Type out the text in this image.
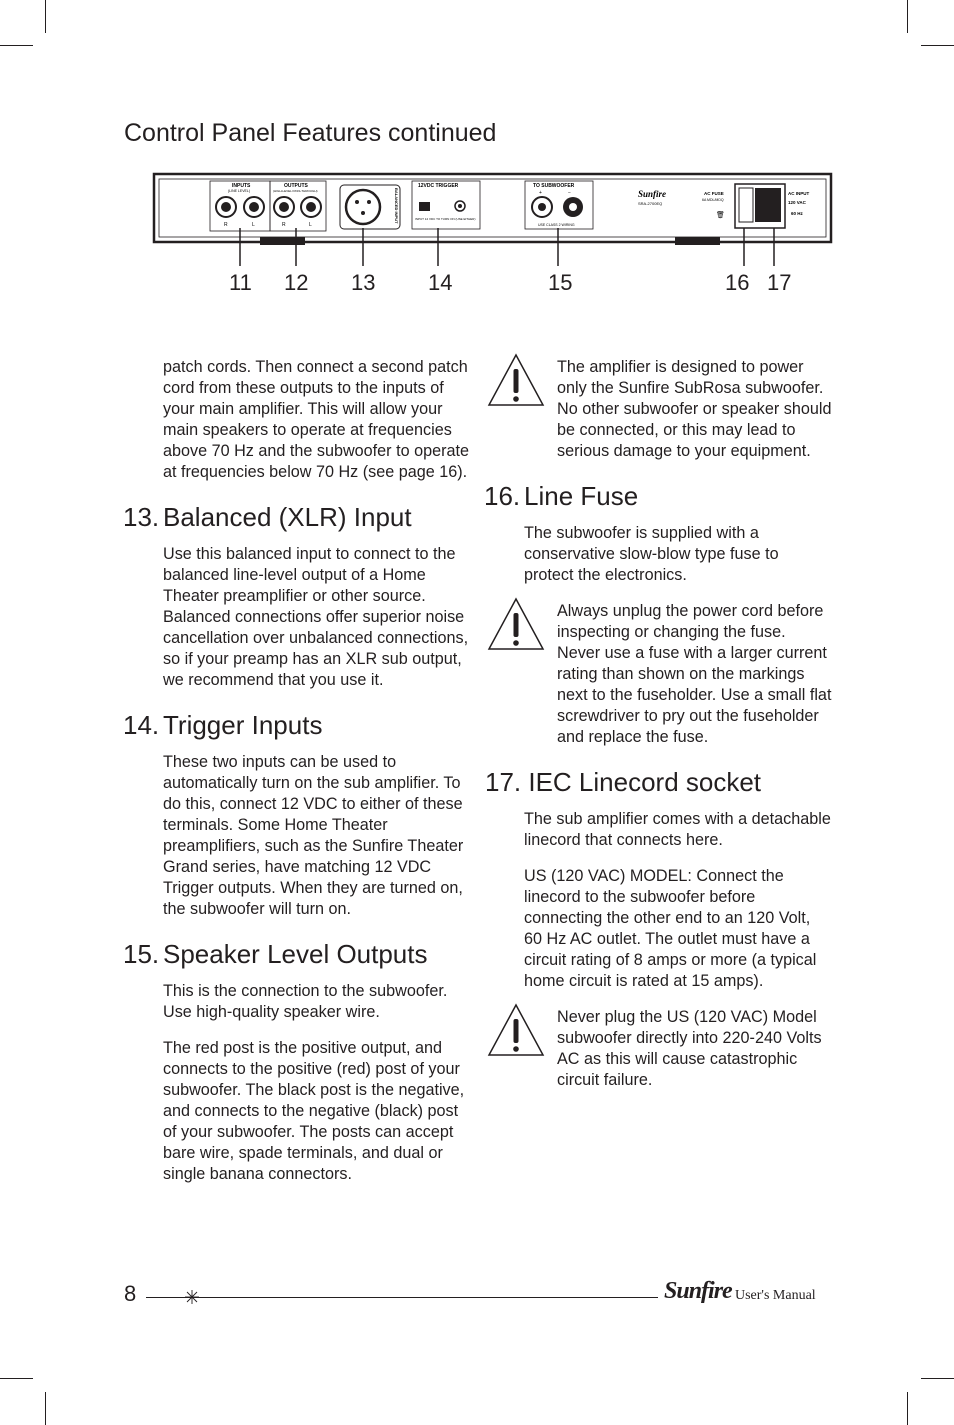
Control Panel Features continued
INPUTS
(LINE LEVEL)
R	L
OUTPUTS
(HIGH-LEVEL PASS-THROUGH)
R	L
BALANCED INPUT
12VDC TRIGGER
INPUT 12 VDC TO TURN ON (USE EITHER)
TO SUBWOOFER
+	−
USE CLASS 2 WIRING
Sunfire
SRA-2700EQ
AC FUSE
6A MDL/MDQ
🗑
AC INPUT
120 VAC
60 Hz
11 12 13 14	15	16 17

patch cords. Then connect a second patch cord from these outputs to the inputs of your main amplifier. This will allow your main speakers to operate at frequencies above 70 Hz and the subwoofer to operate at frequencies below 70 Hz (see page 16).

13. Balanced (XLR) Input

Use this balanced input to connect to the balanced line-level output of a Home Theater preamplifier or other source. Balanced connections offer superior noise cancellation over unbalanced connections, so if your preamp has an XLR sub output, we recommend that you use it.

14. Trigger Inputs

These two inputs can be used to automatically turn on the sub amplifier. To do this, connect 12 VDC to either of these terminals. Some Home Theater preamplifiers, such as the Sunfire Theater Grand series, have matching 12 VDC Trigger outputs. When they are turned on, the subwoofer will turn on.

15. Speaker Level Outputs

This is the connection to the subwoofer. Use high-quality speaker wire.

The red post is the positive output, and connects to the positive (red) post of your subwoofer. The black post is the negative, and connects to the negative (black) post of your subwoofer. The posts can accept bare wire, spade terminals, and dual or single banana connectors.

The amplifier is designed to power only the Sunfire SubRosa subwoofer. No other subwoofer or speaker should be connected, or this may lead to serious damage to your equipment.

16. Line Fuse

The subwoofer is supplied with a conservative slow-blow type fuse to protect the electronics.

Always unplug the power cord before inspecting or changing the fuse. Never use a fuse with a larger current rating than shown on the markings next to the fuseholder. Use a small flat screwdriver to pry out the fuseholder and replace the fuse.

17. IEC Linecord socket

The sub amplifier comes with a detachable linecord that connects here.

US (120 VAC) MODEL: Connect the linecord to the subwoofer before connecting the other end to an 120 Volt, 60 Hz AC outlet. The outlet must have a circuit rating of 8 amps or more (a typical home circuit is rated at 15 amps).

Never plug the US (120 VAC) Model subwoofer directly into 220-240 Volts AC as this will cause catastrophic circuit failure.

8	Sunfire User's Manual
